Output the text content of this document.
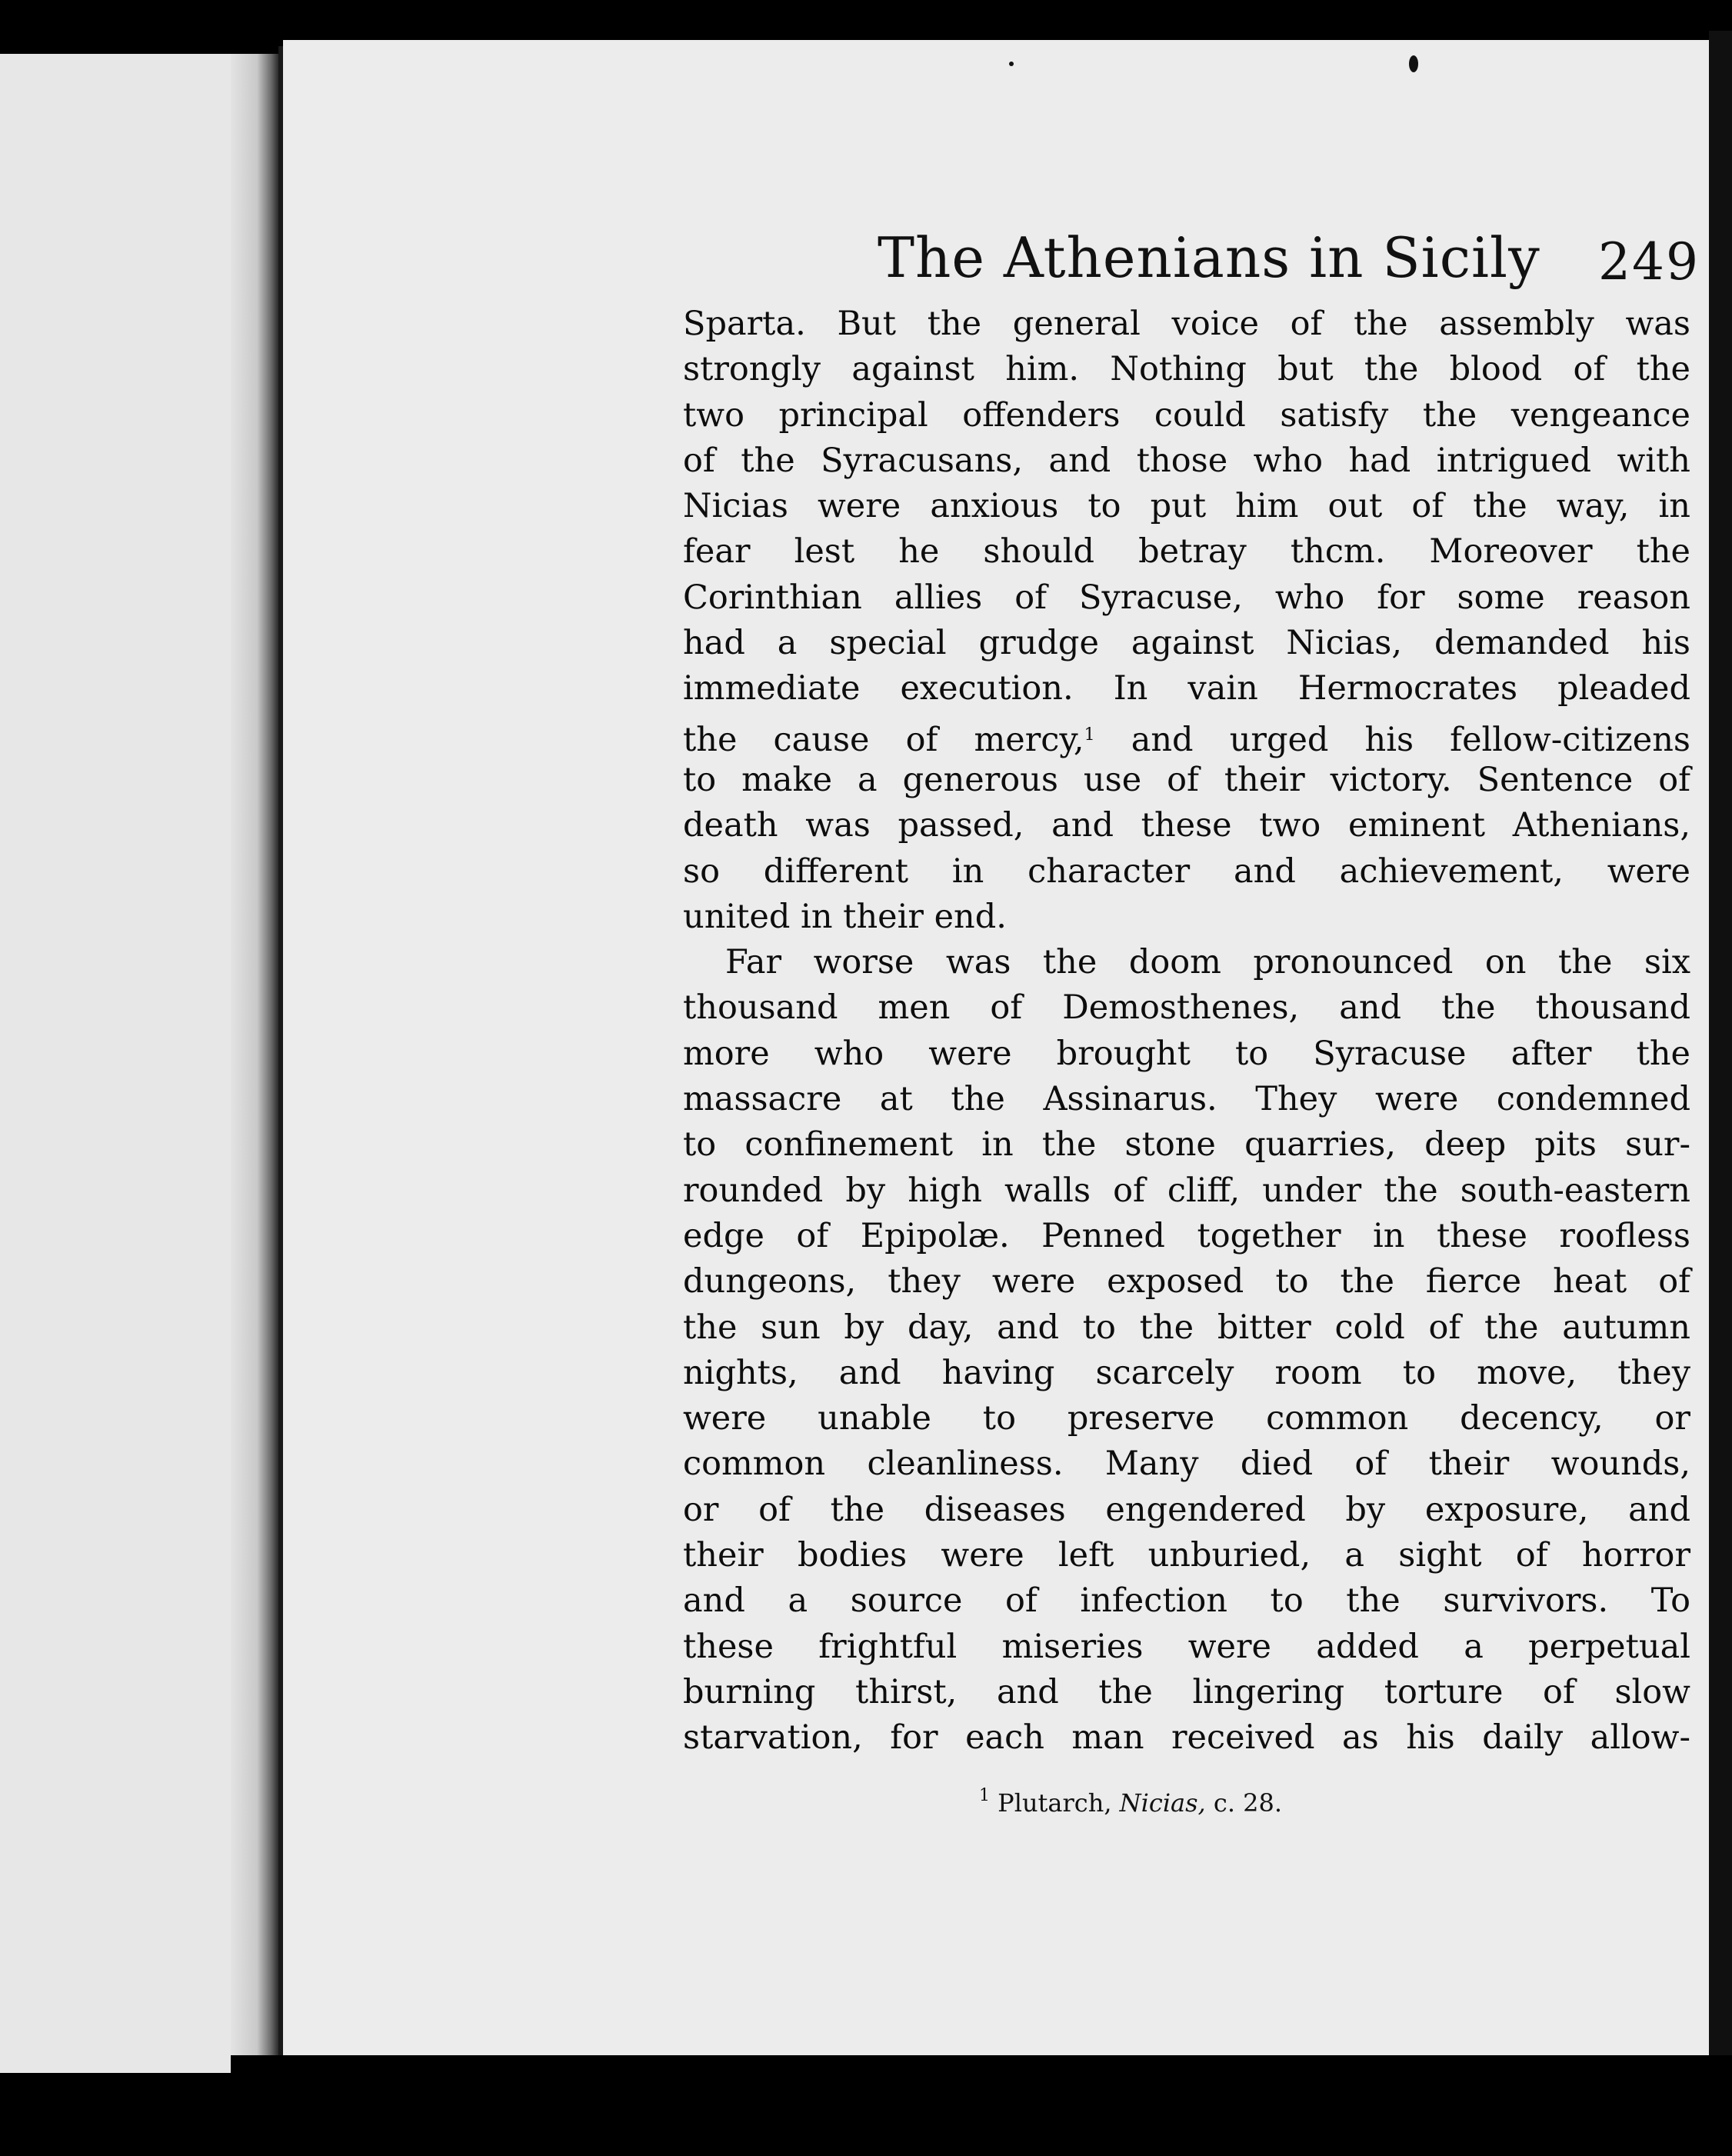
The Athenians in Sicily 249
Sparta. But the general voice of the assembly was
strongly against him. Nothing but the blood of the
two principal offenders could satisfy the vengeance
of the Syracusans, and those who had intrigued with
Nicias were anxious to put him out of the way, in
fear lest he should betray thcm. Moreover the
Corinthian allies of Syracuse, who for some reason
had a special grudge against Nicias, demanded his
immediate execution. In vain Hermocrates pleaded
the cause of mercy,$^1$ and urged his fellow-citizens
to make a generous use of their victory. Sentence of
death was passed, and these two eminent Athenians,
so different in character and achievement, were
united in their end.
Far worse was the doom pronounced on the six
thousand men of Demosthenes, and the thousand
more who were brought to Syracuse after the
massacre at the Assinarus. They were condemned
to confinement in the stone quarries, deep pits sur-
rounded by high walls of cliff, under the south-eastern
edge of Epipolæ. Penned together in these roofless
dungeons, they were exposed to the fierce heat of
the sun by day, and to the bitter cold of the autumn
nights, and having scarcely room to move, they
were unable to preserve common decency, or
common cleanliness. Many died of their wounds,
or of the diseases engendered by exposure, and
their bodies were left unburied, a sight of horror
and a source of infection to the survivors. To
these frightful miseries were added a perpetual
burning thirst, and the lingering torture of slow
starvation, for each man received as his daily allow-
$^1$ Plutarch, Nicias, c. 28.
